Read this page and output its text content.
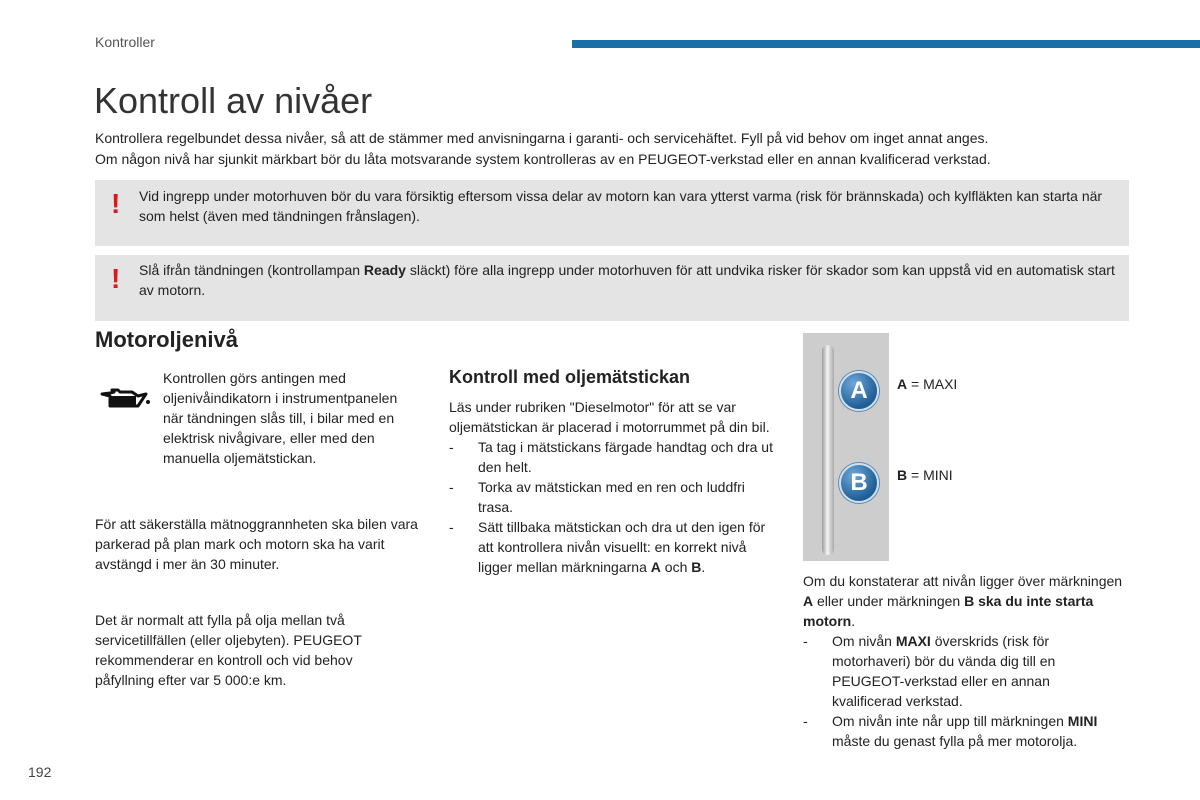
Kontroller
Kontroll av nivåer
Kontrollera regelbundet dessa nivåer, så att de stämmer med anvisningarna i garanti- och servicehäftet. Fyll på vid behov om inget annat anges.
Om någon nivå har sjunkit märkbart bör du låta motsvarande system kontrolleras av en PEUGEOT-verkstad eller en annan kvalificerad verkstad.
! Vid ingrepp under motorhuven bör du vara försiktig eftersom vissa delar av motorn kan vara ytterst varma (risk för brännskada) och kylfläkten kan starta när som helst (även med tändningen frånslagen).
! Slå ifrån tändningen (kontrollampan Ready släckt) före alla ingrepp under motorhuven för att undvika risker för skador som kan uppstå vid en automatisk start av motorn.
Motoroljenivå
Kontrollen görs antingen med oljenivåindikatorn i instrumentpanelen när tändningen slås till, i bilar med en elektrisk nivågivare, eller med den manuella oljemätstickan.
För att säkerställa mätnoggrannheten ska bilen vara parkerad på plan mark och motorn ska ha varit avstängd i mer än 30 minuter.
Det är normalt att fylla på olja mellan två servicetillfällen (eller oljebyten). PEUGEOT rekommenderar en kontroll och vid behov påfyllning efter var 5 000:e km.
Kontroll med oljemätstickan
Läs under rubriken "Dieselmotor" för att se var oljemätstickan är placerad i motorrummet på din bil.
- Ta tag i mätstickans färgade handtag och dra ut den helt.
- Torka av mätstickan med en ren och luddfri trasa.
- Sätt tillbaka mätstickan och dra ut den igen för att kontrollera nivån visuellt: en korrekt nivå ligger mellan märkningarna A och B.
A
B
A = MAXI
B = MINI
Om du konstaterar att nivån ligger över märkningen A eller under märkningen B ska du inte starta motorn.
- Om nivån MAXI överskrids (risk för motorhaveri) bör du vända dig till en PEUGEOT-verkstad eller en annan kvalificerad verkstad.
- Om nivån inte når upp till märkningen MINI måste du genast fylla på mer motorolja.
192
